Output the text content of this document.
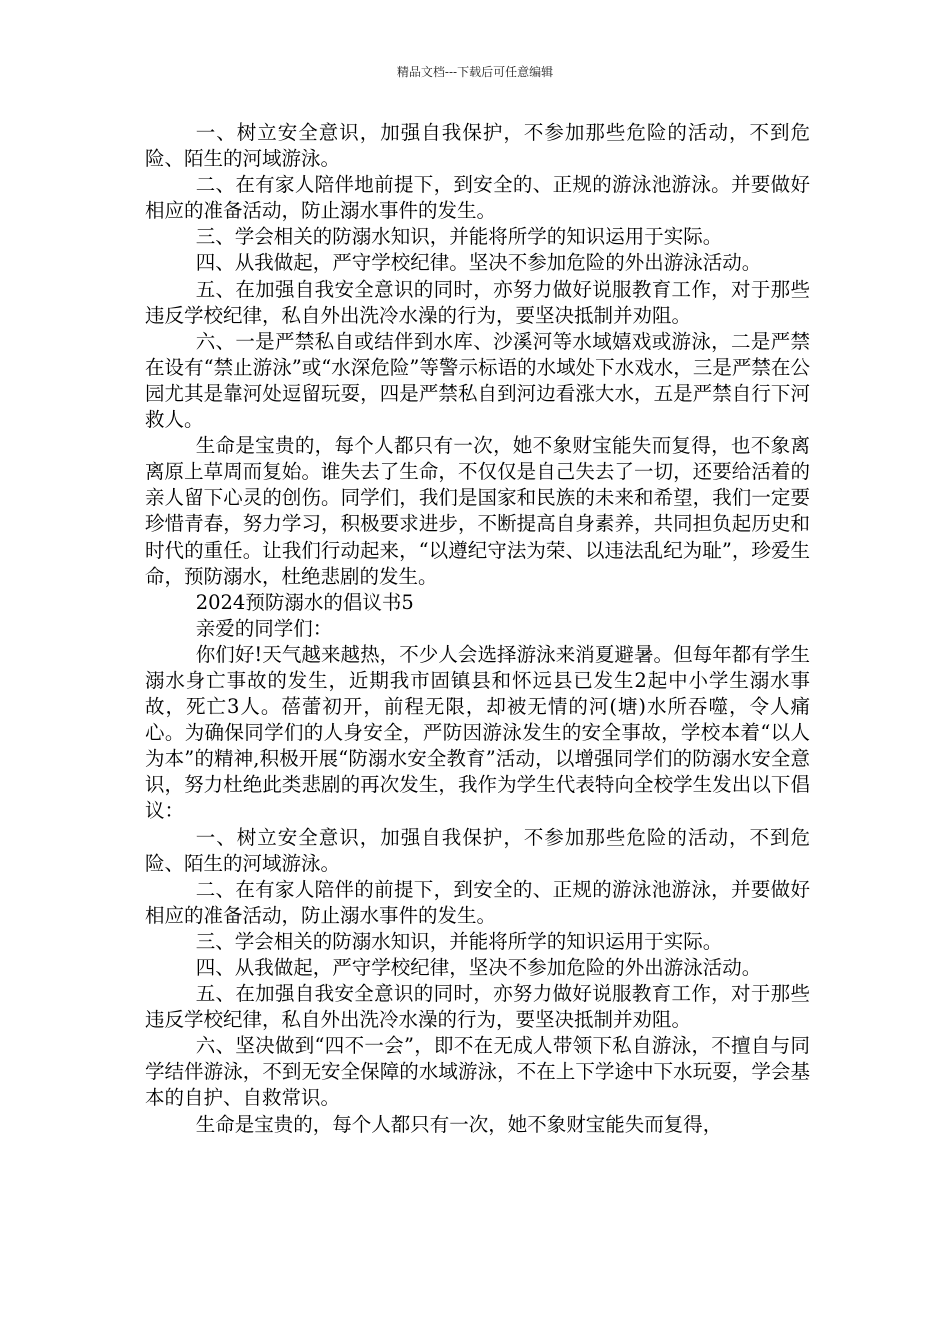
精品文档---下载后可任意编辑

一、树立安全意识，加强自我保护，不参加那些危险的活动，不到危险、陌生的河域游泳。

二、在有家人陪伴地前提下，到安全的、正规的游泳池游泳。并要做好相应的准备活动，防止溺水事件的发生。

三、学会相关的防溺水知识，并能将所学的知识运用于实际。

四、从我做起，严守学校纪律。坚决不参加危险的外出游泳活动。

五、在加强自我安全意识的同时，亦努力做好说服教育工作，对于那些违反学校纪律，私自外出洗冷水澡的行为，要坚决抵制并劝阻。

六、一是严禁私自或结伴到水库、沙溪河等水域嬉戏或游泳，二是严禁在设有“禁止游泳”或“水深危险”等警示标语的水域处下水戏水，三是严禁在公园尤其是靠河处逗留玩耍，四是严禁私自到河边看涨大水，五是严禁自行下河救人。

生命是宝贵的，每个人都只有一次，她不象财宝能失而复得，也不象离离原上草周而复始。谁失去了生命，不仅仅是自己失去了一切，还要给活着的亲人留下心灵的创伤。同学们，我们是国家和民族的未来和希望，我们一定要珍惜青春，努力学习，积极要求进步，不断提高自身素养，共同担负起历史和时代的重任。让我们行动起来，“以遵纪守法为荣、以违法乱纪为耻”，珍爱生命，预防溺水，杜绝悲剧的发生。

2024预防溺水的倡议书5

亲爱的同学们：

你们好!天气越来越热，不少人会选择游泳来消夏避暑。但每年都有学生溺水身亡事故的发生，近期我市固镇县和怀远县已发生2起中小学生溺水事故，死亡3人。蓓蕾初开，前程无限，却被无情的河(塘)水所吞噬，令人痛心。为确保同学们的人身安全，严防因游泳发生的安全事故，学校本着“以人为本”的精神,积极开展“防溺水安全教育”活动，以增强同学们的防溺水安全意识，努力杜绝此类悲剧的再次发生，我作为学生代表特向全校学生发出以下倡议：

一、树立安全意识，加强自我保护，不参加那些危险的活动，不到危险、陌生的河域游泳。

二、在有家人陪伴的前提下，到安全的、正规的游泳池游泳，并要做好相应的准备活动，防止溺水事件的发生。

三、学会相关的防溺水知识，并能将所学的知识运用于实际。

四、从我做起，严守学校纪律，坚决不参加危险的外出游泳活动。

五、在加强自我安全意识的同时，亦努力做好说服教育工作，对于那些违反学校纪律，私自外出洗冷水澡的行为，要坚决抵制并劝阻。

六、坚决做到“四不一会”，即不在无成人带领下私自游泳，不擅自与同学结伴游泳，不到无安全保障的水域游泳，不在上下学途中下水玩耍，学会基本的自护、自救常识。

生命是宝贵的，每个人都只有一次，她不象财宝能失而复得，
